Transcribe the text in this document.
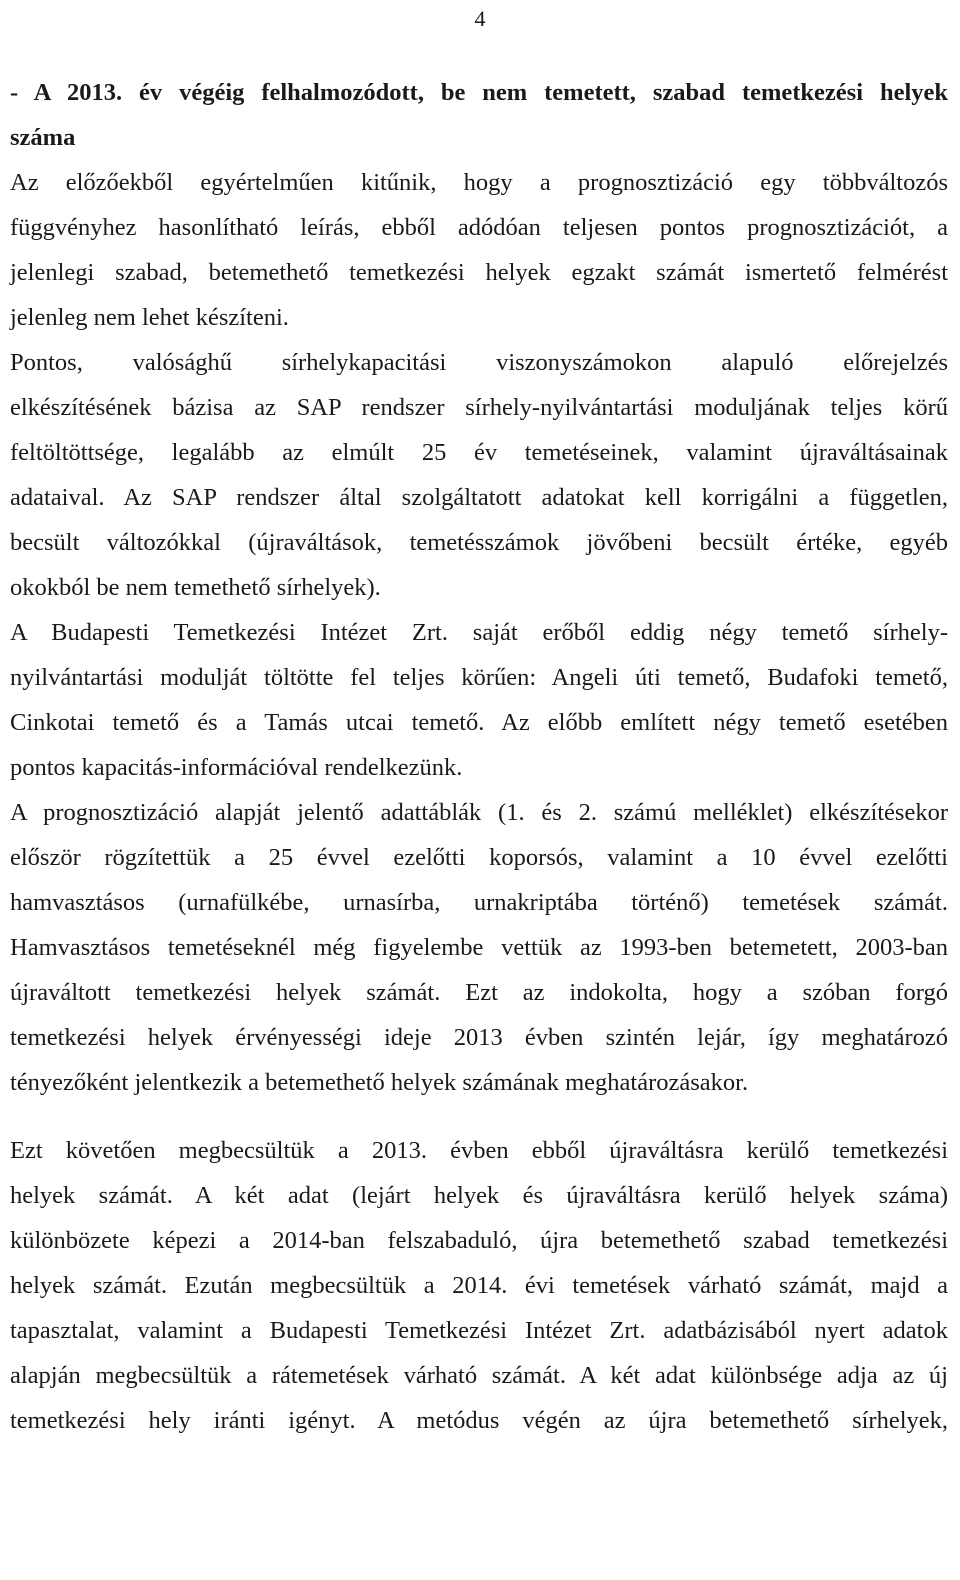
4
- A 2013. év végéig felhalmozódott, be nem temetett, szabad temetkezési helyek
száma
Az előzőekből egyértelműen kitűnik, hogy a prognosztizáció egy többváltozós
függvényhez hasonlítható leírás, ebből adódóan teljesen pontos prognosztizációt, a
jelenlegi szabad, betemethető temetkezési helyek egzakt számát ismertető felmérést
jelenleg nem lehet készíteni.
Pontos, valósághű sírhelykapacitási viszonyszámokon alapuló előrejelzés
elkészítésének bázisa az SAP rendszer sírhely-nyilvántartási moduljának teljes körű
feltöltöttsége, legalább az elmúlt 25 év temetéseinek, valamint újraváltásainak
adataival. Az SAP rendszer által szolgáltatott adatokat kell korrigálni a független,
becsült változókkal (újraváltások, temetésszámok jövőbeni becsült értéke, egyéb
okokból be nem temethető sírhelyek).
A Budapesti Temetkezési Intézet Zrt. saját erőből eddig négy temető sírhely-
nyilvántartási modulját töltötte fel teljes körűen: Angeli úti temető, Budafoki temető,
Cinkotai temető és a Tamás utcai temető. Az előbb említett négy temető esetében
pontos kapacitás-információval rendelkezünk.
A prognosztizáció alapját jelentő adattáblák (1. és 2. számú melléklet) elkészítésekor
először rögzítettük a 25 évvel ezelőtti koporsós, valamint a 10 évvel ezelőtti
hamvasztásos (urnafülkébe, urnasírba, urnakriptába történő) temetések számát.
Hamvasztásos temetéseknél még figyelembe vettük az 1993-ben betemetett, 2003-ban
újraváltott temetkezési helyek számát. Ezt az indokolta, hogy a szóban forgó
temetkezési helyek érvényességi ideje 2013 évben szintén lejár, így meghatározó
tényezőként jelentkezik a betemethető helyek számának meghatározásakor.
Ezt követően megbecsültük a 2013. évben ebből újraváltásra kerülő temetkezési
helyek számát. A két adat (lejárt helyek és újraváltásra kerülő helyek száma)
különbözete képezi a 2014-ban felszabaduló, újra betemethető szabad temetkezési
helyek számát. Ezután megbecsültük a 2014. évi temetések várható számát, majd a
tapasztalat, valamint a Budapesti Temetkezési Intézet Zrt. adatbázisából nyert adatok
alapján megbecsültük a rátemetések várható számát. A két adat különbsége adja az új
temetkezési hely iránti igényt. A metódus végén az újra betemethető sírhelyek,
